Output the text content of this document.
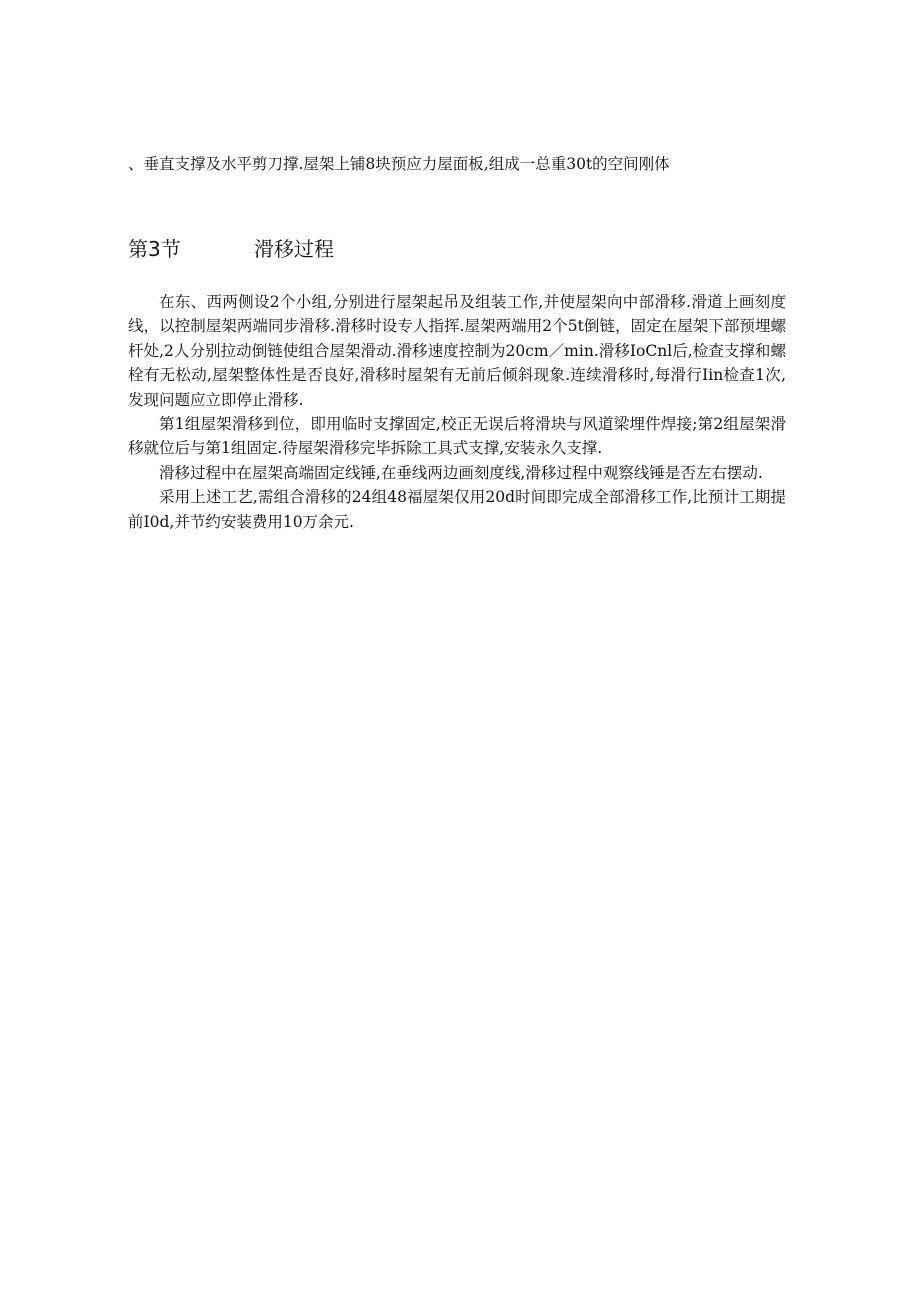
、垂直支撑及水平剪刀撑.屋架上铺8块预应力屋面板,组成一总重30t的空间刚体
第3节	滑移过程

在东、西两侧设2个小组,分别进行屋架起吊及组装工作,并使屋架向中部滑移.滑道上画刻度线，以控制屋架两端同步滑移.滑移时设专人指挥.屋架两端用2个5t倒链，固定在屋架下部预埋螺杆处,2人分别拉动倒链使组合屋架滑动.滑移速度控制为20cm／min.滑移IoCnl后,检查支撑和螺栓有无松动,屋架整体性是否良好,滑移时屋架有无前后倾斜现象.连续滑移时,每滑行Iin检查1次,发现问题应立即停止滑移.

第1组屋架滑移到位，即用临时支撑固定,校正无误后将滑块与风道梁埋件焊接;第2组屋架滑移就位后与第1组固定.待屋架滑移完毕拆除工具式支撑,安装永久支撑.

滑移过程中在屋架高端固定线锤,在垂线两边画刻度线,滑移过程中观察线锤是否左右摆动.

采用上述工艺,需组合滑移的24组48福屋架仅用20d时间即完成全部滑移工作,比预计工期提前I0d,并节约安装费用10万余元.
